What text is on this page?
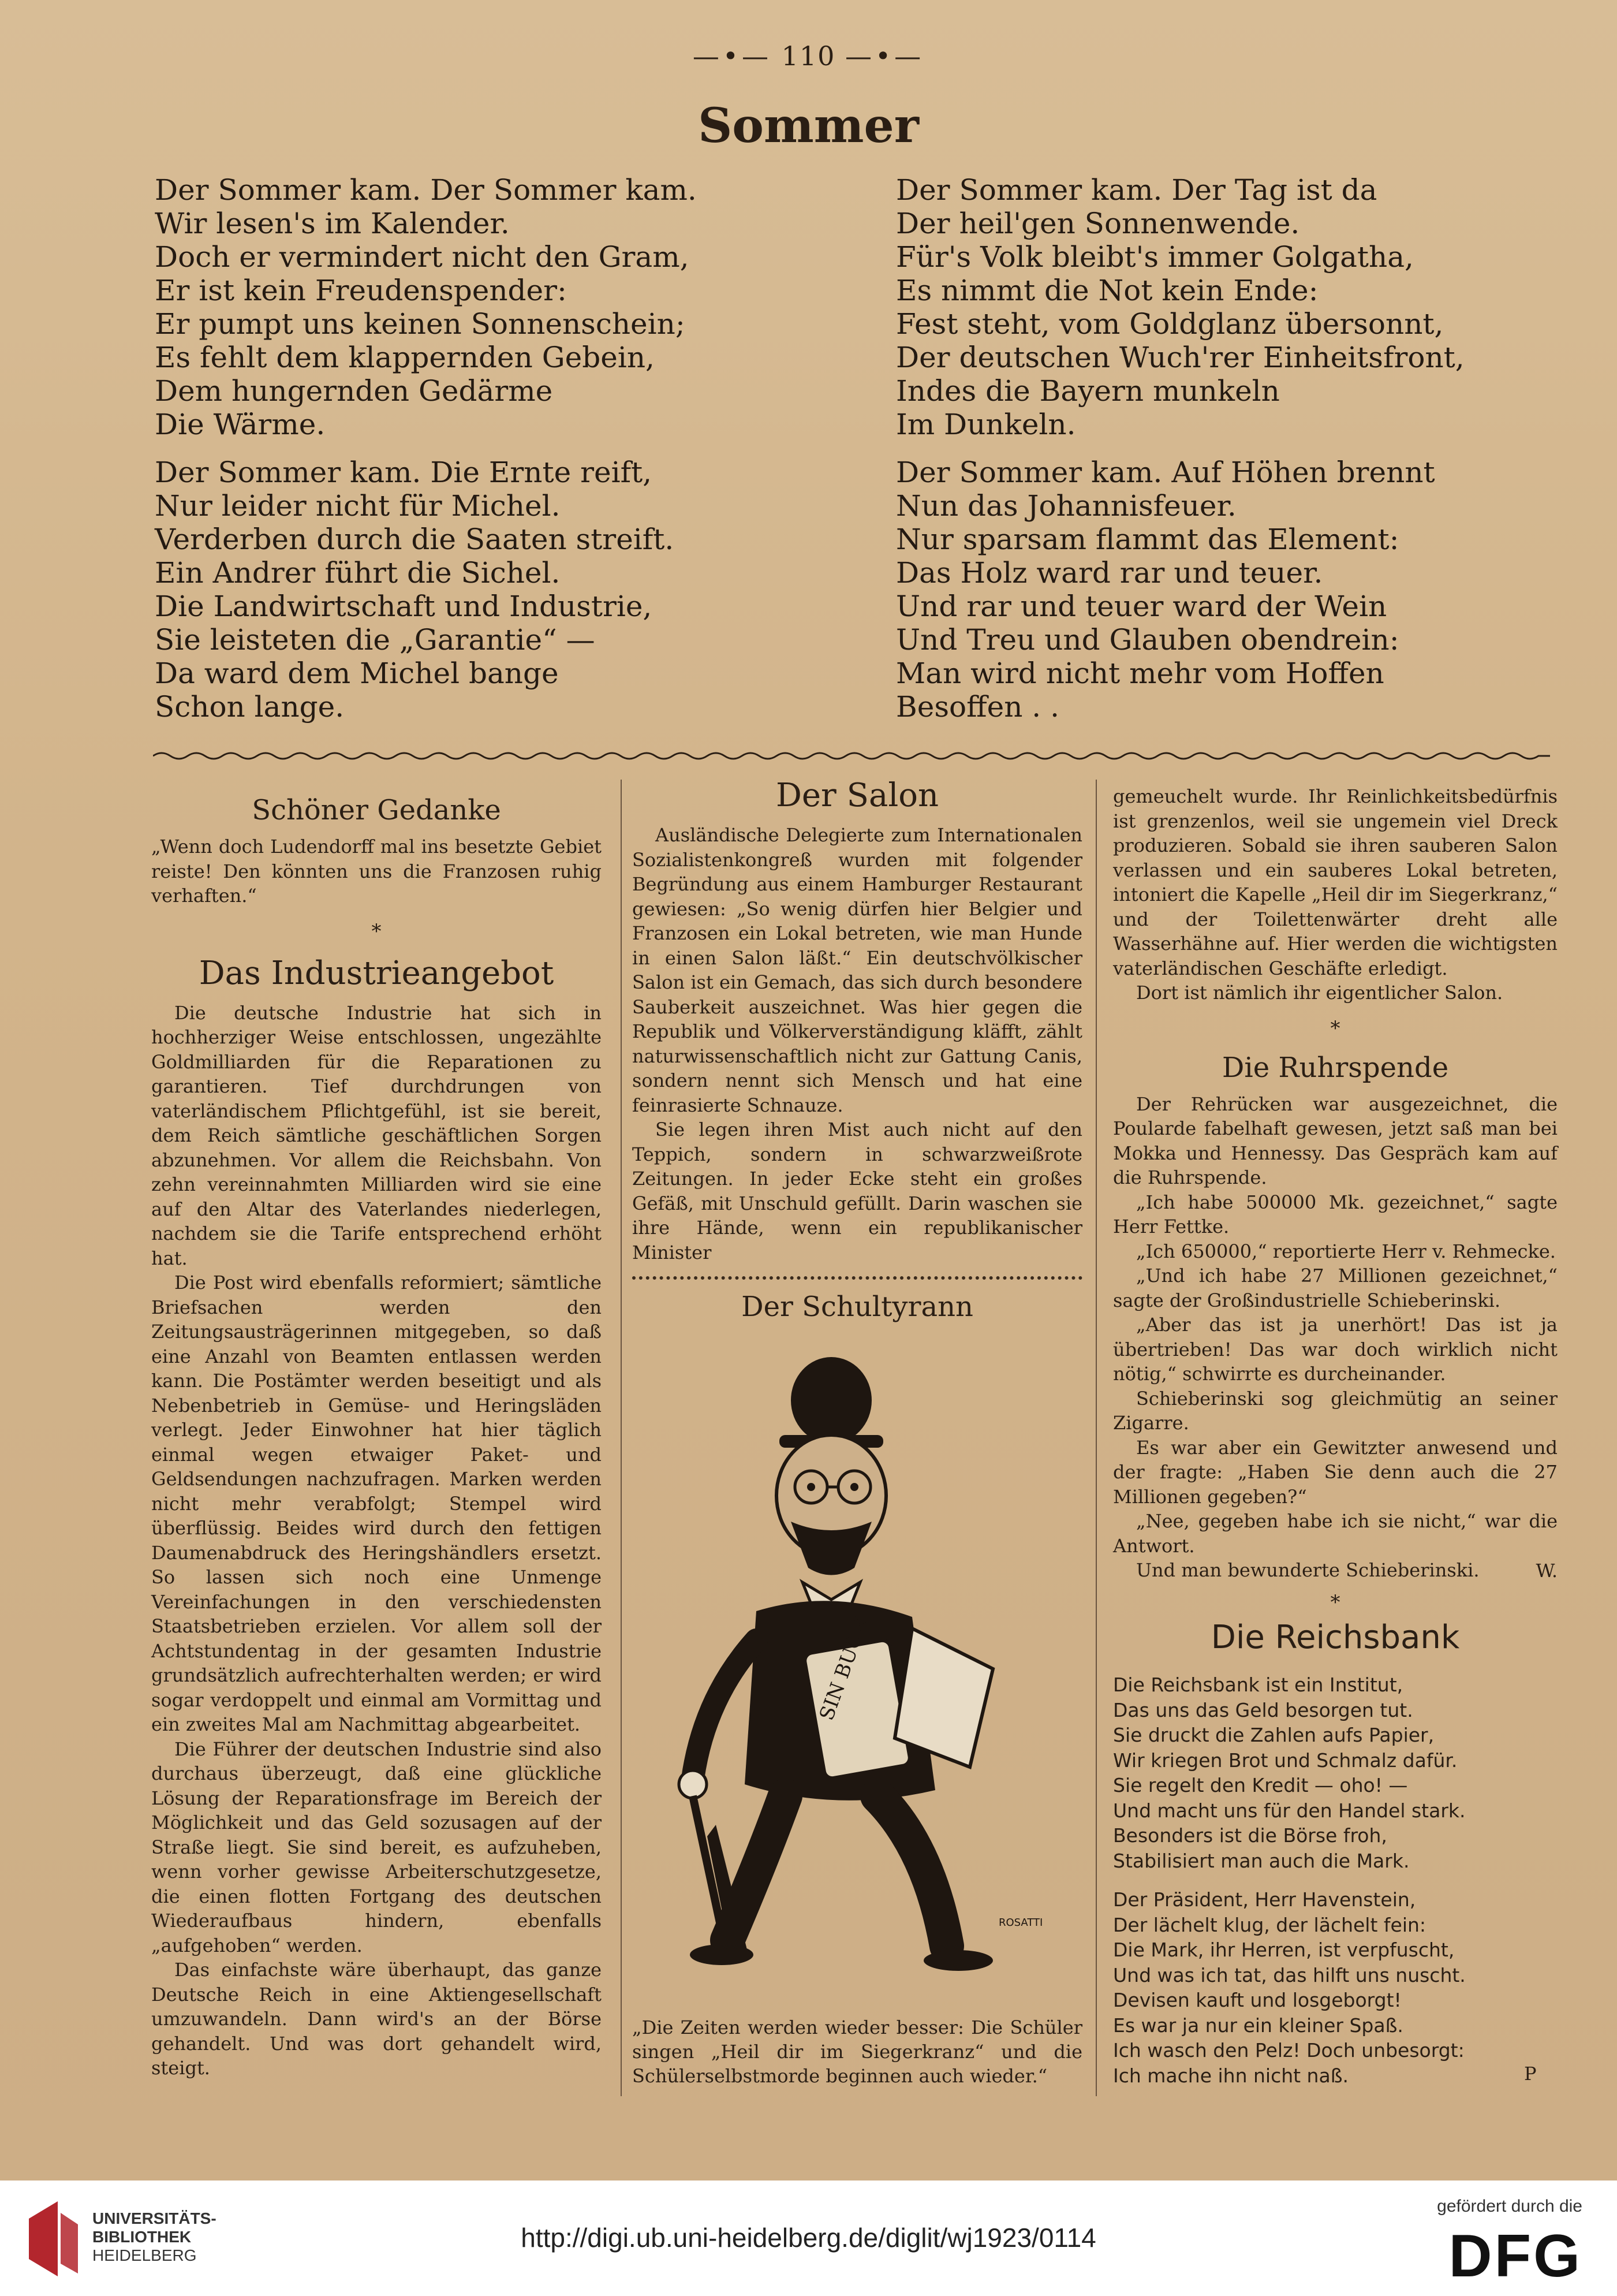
—•— 110 —•—
Sommer
Der Sommer kam. Der Sommer kam.
Wir lesen's im Kalender.
Doch er vermindert nicht den Gram,
Er ist kein Freudenspender:
Er pumpt uns keinen Sonnenschein;
Es fehlt dem klappernden Gebein,
Dem hungernden Gedärme
Die Wärme.
Der Sommer kam. Die Ernte reift,
Nur leider nicht für Michel.
Verderben durch die Saaten streift.
Ein Andrer führt die Sichel.
Die Landwirtschaft und Industrie,
Sie leisteten die „Garantie“ —
Da ward dem Michel bange
Schon lange.
Der Sommer kam. Der Tag ist da
Der heil'gen Sonnenwende.
Für's Volk bleibt's immer Golgatha,
Es nimmt die Not kein Ende:
Fest steht, vom Goldglanz übersonnt,
Der deutschen Wuch'rer Einheitsfront,
Indes die Bayern munkeln
Im Dunkeln.
Der Sommer kam. Auf Höhen brennt
Nun das Johannisfeuer.
Nur sparsam flammt das Element:
Das Holz ward rar und teuer.
Und rar und teuer ward der Wein
Und Treu und Glauben obendrein:
Man wird nicht mehr vom Hoffen
Besoffen . .
Schöner Gedanke

„Wenn doch Ludendorff mal ins besetzte Gebiet reiste! Den könnten uns die Franzosen ruhig verhaften.“

*
Das Industrieangebot

Die deutsche Industrie hat sich in hochherziger Weise entschlossen, ungezählte Goldmilliarden für die Reparationen zu garantieren. Tief durchdrungen von vaterländischem Pflichtgefühl, ist sie bereit, dem Reich sämtliche geschäftlichen Sorgen abzunehmen. Vor allem die Reichsbahn. Von zehn vereinnahmten Milliarden wird sie eine auf den Altar des Vaterlandes niederlegen, nachdem sie die Tarife entsprechend erhöht hat.

Die Post wird ebenfalls reformiert; sämtliche Briefsachen werden den Zeitungsausträgerinnen mitgegeben, so daß eine Anzahl von Beamten entlassen werden kann. Die Postämter werden beseitigt und als Nebenbetrieb in Gemüse- und Heringsläden verlegt. Jeder Einwohner hat hier täglich einmal wegen etwaiger Paket- und Geldsendungen nachzufragen. Marken werden nicht mehr verabfolgt; Stempel wird überflüssig. Beides wird durch den fettigen Daumenabdruck des Heringshändlers ersetzt. So lassen sich noch eine Unmenge Vereinfachungen in den verschiedensten Staatsbetrieben erzielen. Vor allem soll der Achtstundentag in der gesamten Industrie grundsätzlich aufrechterhalten werden; er wird sogar verdoppelt und einmal am Vormittag und ein zweites Mal am Nachmittag abgearbeitet.

Die Führer der deutschen Industrie sind also durchaus überzeugt, daß eine glückliche Lösung der Reparationsfrage im Bereich der Möglichkeit und das Geld sozusagen auf der Straße liegt. Sie sind bereit, es aufzuheben, wenn vorher gewisse Arbeiterschutzgesetze, die einen flotten Fortgang des deutschen Wiederaufbaus hindern, ebenfalls „aufgehoben“ werden.

Das einfachste wäre überhaupt, das ganze Deutsche Reich in eine Aktiengesellschaft umzuwandeln. Dann wird's an der Börse gehandelt. Und was dort gehandelt wird, steigt.

Der Salon

Ausländische Delegierte zum Internationalen Sozialistenkongreß wurden mit folgender Begründung aus einem Hamburger Restaurant gewiesen: „So wenig dürfen hier Belgier und Franzosen ein Lokal betreten, wie man Hunde in einen Salon läßt.“ Ein deutschvölkischer Salon ist ein Gemach, das sich durch besondere Sauberkeit auszeichnet. Was hier gegen die Republik und Völkerverständigung kläfft, zählt naturwissenschaftlich nicht zur Gattung Canis, sondern nennt sich Mensch und hat eine feinrasierte Schnauze.

Sie legen ihren Mist auch nicht auf den Teppich, sondern in schwarzweißrote Zeitungen. In jeder Ecke steht ein großes Gefäß, mit Unschuld gefüllt. Darin waschen sie ihre Hände, wenn ein republikanischer Minister

Der Schultyrann
SIN BUCH
ROSATTI
„Die Zeiten werden wieder besser: Die Schüler singen „Heil dir im Siegerkranz“ und die Schülerselbstmorde beginnen auch wieder.“

gemeuchelt wurde. Ihr Reinlichkeitsbedürfnis ist grenzenlos, weil sie ungemein viel Dreck produzieren. Sobald sie ihren sauberen Salon verlassen und ein sauberes Lokal betreten, intoniert die Kapelle „Heil dir im Siegerkranz,“ und der Toilettenwärter dreht alle Wasserhähne auf. Hier werden die wichtigsten vaterländischen Geschäfte erledigt.

Dort ist nämlich ihr eigentlicher Salon.

*
Die Ruhrspende

Der Rehrücken war ausgezeichnet, die Poularde fabelhaft gewesen, jetzt saß man bei Mokka und Hennessy. Das Gespräch kam auf die Ruhrspende.

„Ich habe 500000 Mk. gezeichnet,“ sagte Herr Fettke.

„Ich 650000,“ reportierte Herr v. Rehmecke.

„Und ich habe 27 Millionen gezeichnet,“ sagte der Großindustrielle Schieberinski.

„Aber das ist ja unerhört! Das ist ja übertrieben! Das war doch wirklich nicht nötig,“ schwirrte es durcheinander.

Schieberinski sog gleichmütig an seiner Zigarre.

Es war aber ein Gewitzter anwesend und der fragte: „Haben Sie denn auch die 27 Millionen gegeben?“

„Nee, gegeben habe ich sie nicht,“ war die Antwort.

Und man bewunderte Schieberinski.	W.

*
Die Reichsbank
Die Reichsbank ist ein Institut,
Das uns das Geld besorgen tut.
Sie druckt die Zahlen aufs Papier,
Wir kriegen Brot und Schmalz dafür.
Sie regelt den Kredit — oho! —
Und macht uns für den Handel stark.
Besonders ist die Börse froh,
Stabilisiert man auch die Mark.
Der Präsident, Herr Havenstein,
Der lächelt klug, der lächelt fein:
Die Mark, ihr Herren, ist verpfuscht,
Und was ich tat, das hilft uns nuscht.
Devisen kauft und losgeborgt!
Es war ja nur ein kleiner Spaß.
Ich wasch den Pelz! Doch unbesorgt:
Ich mache ihn nicht naß.	P
UNIVERSITÄTS-
BIBLIOTHEK
HEIDELBERG
http://digi.ub.uni-heidelberg.de/diglit/wj1923/0114
gefördert durch die
DFG
